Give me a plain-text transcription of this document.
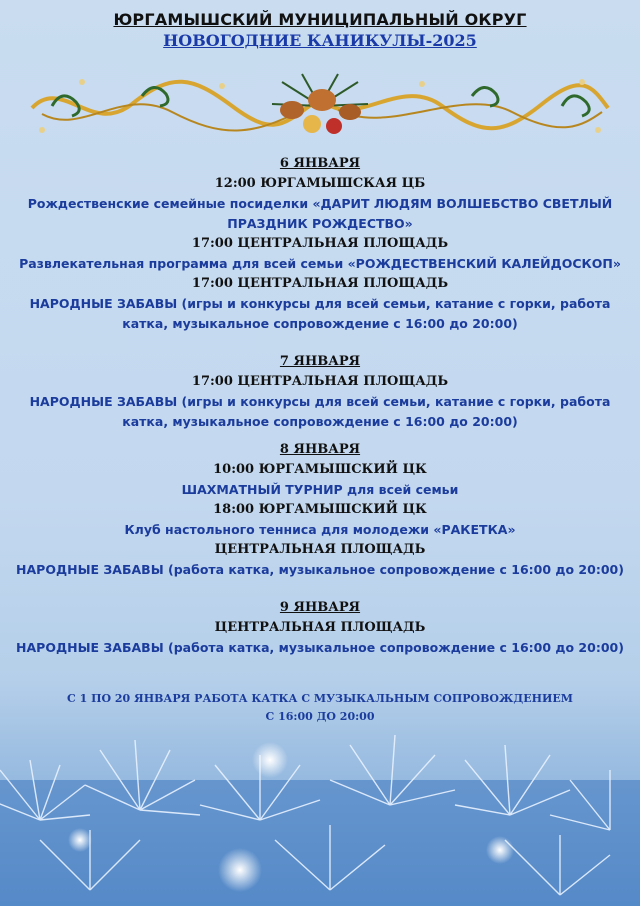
ЮРГАМЫШСКИЙ МУНИЦИПАЛЬНЫЙ ОКРУГ
НОВОГОДНИЕ КАНИКУЛЫ-2025
6 ЯНВАРЯ
12:00 ЮРГАМЫШСКАЯ ЦБ
Рождественские семейные посиделки «ДАРИТ ЛЮДЯМ ВОЛШЕБСТВО СВЕТЛЫЙ
ПРАЗДНИК РОЖДЕСТВО»
17:00 ЦЕНТРАЛЬНАЯ ПЛОЩАДЬ
Развлекательная программа для всей семьи «РОЖДЕСТВЕНСКИЙ КАЛЕЙДОСКОП»
17:00 ЦЕНТРАЛЬНАЯ ПЛОЩАДЬ
НАРОДНЫЕ ЗАБАВЫ (игры и конкурсы для всей семьи, катание с горки, работа
катка, музыкальное сопровождение с 16:00 до 20:00)
7 ЯНВАРЯ
17:00 ЦЕНТРАЛЬНАЯ ПЛОЩАДЬ
НАРОДНЫЕ ЗАБАВЫ (игры и конкурсы для всей семьи, катание с горки, работа
катка, музыкальное сопровождение с 16:00 до 20:00)
8 ЯНВАРЯ
10:00 ЮРГАМЫШСКИЙ ЦК
ШАХМАТНЫЙ ТУРНИР для всей семьи
18:00 ЮРГАМЫШСКИЙ ЦК
Клуб настольного тенниса для молодежи «РАКЕТКА»
ЦЕНТРАЛЬНАЯ ПЛОЩАДЬ
НАРОДНЫЕ ЗАБАВЫ (работа катка, музыкальное сопровождение с 16:00 до 20:00)
9 ЯНВАРЯ
ЦЕНТРАЛЬНАЯ ПЛОЩАДЬ
НАРОДНЫЕ ЗАБАВЫ (работа катка, музыкальное сопровождение с 16:00 до 20:00)
С 1 ПО 20 ЯНВАРЯ РАБОТА КАТКА С МУЗЫКАЛЬНЫМ СОПРОВОЖДЕНИЕМ
С 16:00 ДО 20:00
